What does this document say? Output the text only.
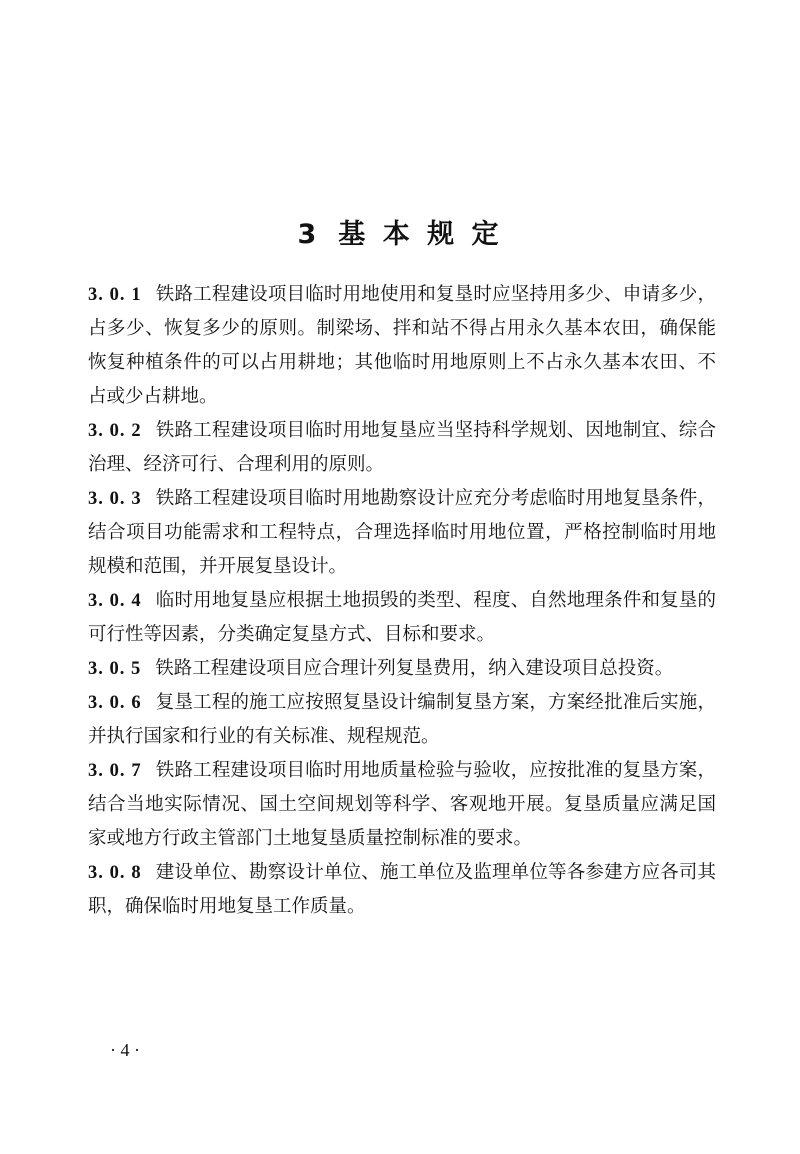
3 基 本 规 定

3. 0. 1 铁路工程建设项目临时用地使用和复垦时应坚持用多少、申请多少，占多少、恢复多少的原则。制梁场、拌和站不得占用永久基本农田，确保能恢复种植条件的可以占用耕地；其他临时用地原则上不占永久基本农田、不占或少占耕地。

3. 0. 2 铁路工程建设项目临时用地复垦应当坚持科学规划、因地制宜、综合治理、经济可行、合理利用的原则。

3. 0. 3 铁路工程建设项目临时用地勘察设计应充分考虑临时用地复垦条件，结合项目功能需求和工程特点，合理选择临时用地位置，严格控制临时用地规模和范围，并开展复垦设计。

3. 0. 4 临时用地复垦应根据土地损毁的类型、程度、自然地理条件和复垦的可行性等因素，分类确定复垦方式、目标和要求。

3. 0. 5 铁路工程建设项目应合理计列复垦费用，纳入建设项目总投资。

3. 0. 6 复垦工程的施工应按照复垦设计编制复垦方案，方案经批准后实施，并执行国家和行业的有关标准、规程规范。

3. 0. 7 铁路工程建设项目临时用地质量检验与验收，应按批准的复垦方案，结合当地实际情况、国土空间规划等科学、客观地开展。复垦质量应满足国家或地方行政主管部门土地复垦质量控制标准的要求。

3. 0. 8 建设单位、勘察设计单位、施工单位及监理单位等各参建方应各司其职，确保临时用地复垦工作质量。

· 4 ·
